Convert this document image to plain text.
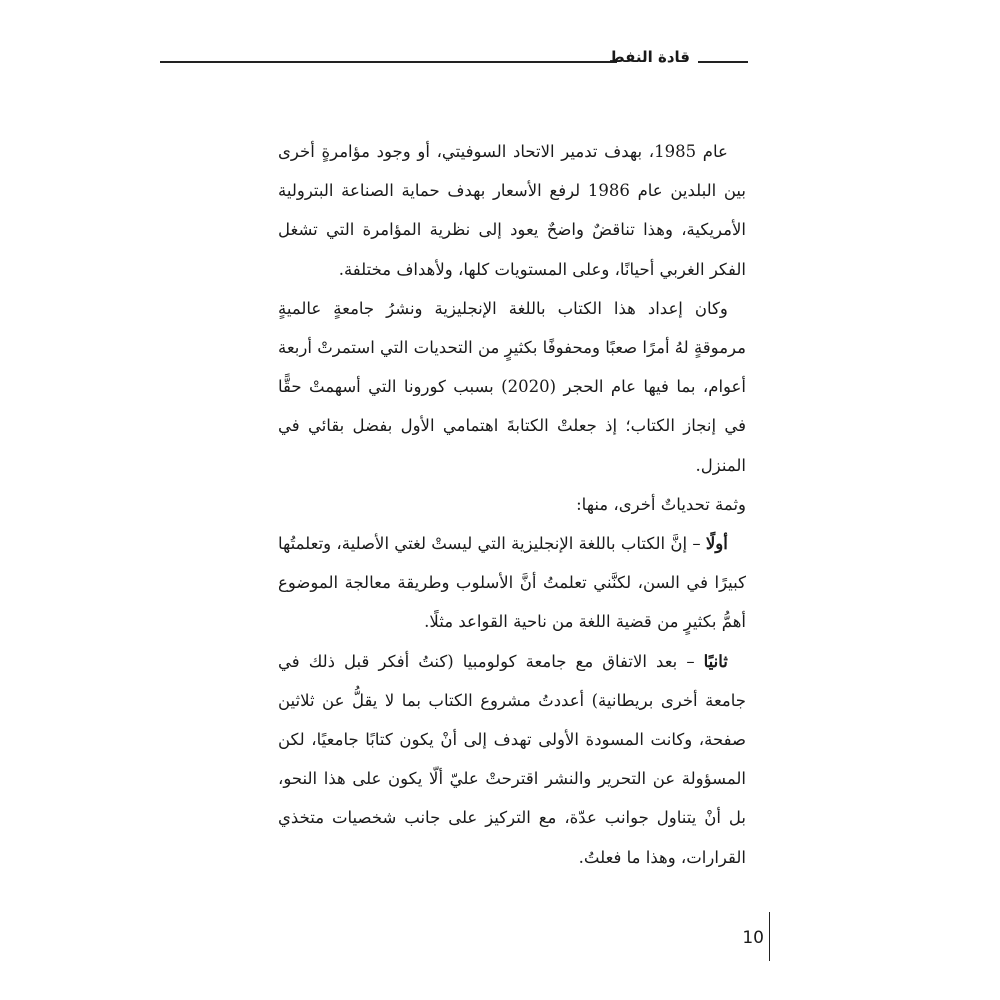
قادة النفط

عام 1985، بهدف تدمير الاتحاد السوفيتي، أو وجود مؤامرةٍ أخرى بين البلدين عام 1986 لرفع الأسعار بهدف حماية الصناعة البترولية الأمريكية، وهذا تناقضٌ واضحٌ يعود إلى نظرية المؤامرة التي تشغل الفكر الغربي أحيانًا، وعلى المستويات كلها، ولأهداف مختلفة.

وكان إعداد هذا الكتاب باللغة الإنجليزية ونشرُ جامعةٍ عالميةٍ مرموقةٍ لهُ أمرًا صعبًا ومحفوفًا بكثيرٍ من التحديات التي استمرتْ أربعة أعوام، بما فيها عام الحجر (2020) بسبب كورونا التي أسهمتْ حقًّا في إنجاز الكتاب؛ إذ جعلتْ الكتابةَ اهتمامي الأول بفضل بقائي في المنزل.

وثمة تحدياتٌ أخرى، منها:

أولًا – إنَّ الكتاب باللغة الإنجليزية التي ليستْ لغتي الأصلية، وتعلمتُها كبيرًا في السن، لكنَّني تعلمتُ أنَّ الأسلوب وطريقة معالجة الموضوع أهمُّ بكثيرٍ من قضية اللغة من ناحية القواعد مثلًا.

ثانيًا – بعد الاتفاق مع جامعة كولومبيا (كنتُ أفكر قبل ذلك في جامعة أخرى بريطانية) أعددتُ مشروع الكتاب بما لا يقلُّ عن ثلاثين صفحة، وكانت المسودة الأولى تهدف إلى أنْ يكون كتابًا جامعيًا، لكن المسؤولة عن التحرير والنشر اقترحتْ عليّ ألّا يكون على هذا النحو، بل أنْ يتناول جوانب عدّة، مع التركيز على جانب شخصيات متخذي القرارات، وهذا ما فعلتُ.

10
